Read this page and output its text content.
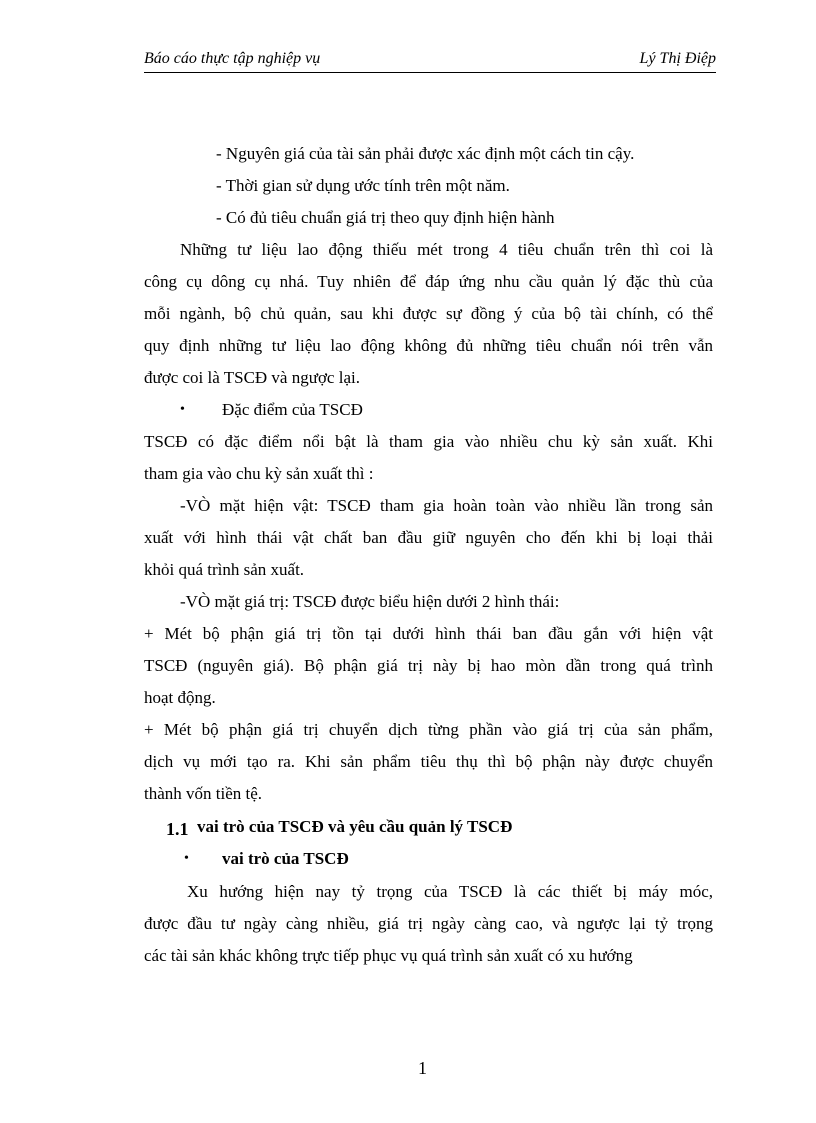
Báo cáo thực tập nghiệp vụ	Lý Thị Điệp
- Nguyên giá của tài sản phải được xác định một cách tin cậy.
- Thời gian sử dụng ước tính trên một năm.
- Có đủ tiêu chuẩn giá trị theo quy định hiện hành
Những tư liệu lao động thiếu mét trong 4 tiêu chuẩn trên thì coi là
công cụ dông cụ nhá. Tuy nhiên để đáp ứng nhu cầu quản lý đặc thù của
mỗi ngành, bộ chủ quản, sau khi được sự đồng ý của bộ tài chính, có thể
quy định những tư liệu lao động không đủ những tiêu chuẩn nói trên vẫn
được coi là TSCĐ và ngược lại.
• Đặc điểm của TSCĐ
TSCĐ có đặc điểm nổi bật là tham gia vào nhiều chu kỳ sản xuất. Khi
tham gia vào chu kỳ sản xuất thì :
-VÒ mặt hiện vật: TSCĐ tham gia hoàn toàn vào nhiều lần trong sản
xuất với hình thái vật chất ban đầu giữ nguyên cho đến khi bị loại thải
khỏi quá trình sản xuất.
-VÒ mặt giá trị: TSCĐ được biểu hiện dưới 2 hình thái:
+ Mét bộ phận giá trị tồn tại dưới hình thái ban đầu gắn với hiện vật
TSCĐ (nguyên giá). Bộ phận giá trị này bị hao mòn dần trong quá trình
hoạt động.
+ Mét bộ phận giá trị chuyển dịch từng phần vào giá trị của sản phẩm,
dịch vụ mới tạo ra. Khi sản phẩm tiêu thụ thì bộ phận này được chuyển
thành vốn tiền tệ.
1.1 vai trò của TSCĐ và yêu cầu quản lý TSCĐ
• vai trò của TSCĐ
Xu hướng hiện nay tỷ trọng của TSCĐ là các thiết bị máy móc,
được đầu tư ngày càng nhiều, giá trị ngày càng cao, và ngược lại tỷ trọng
các tài sản khác không trực tiếp phục vụ quá trình sản xuất có xu hướng
1
